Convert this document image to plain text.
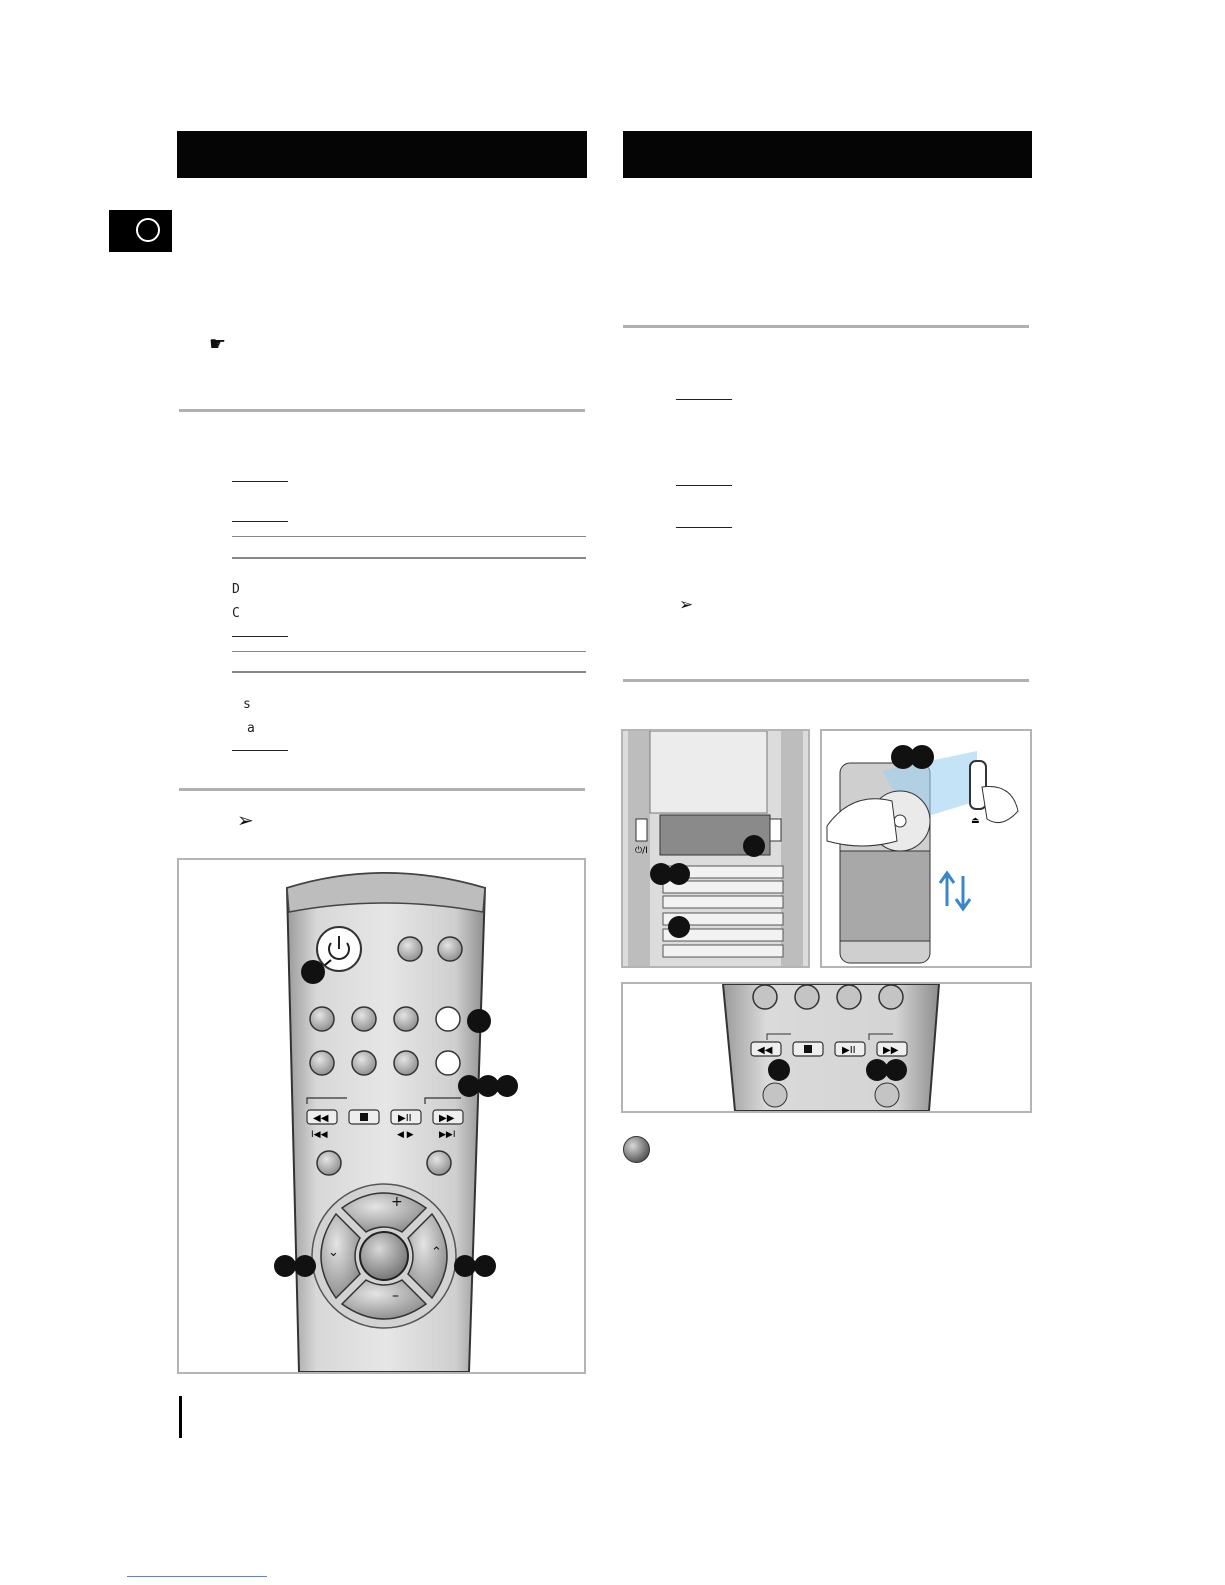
☛
D
C
s
a
➢
➢
◀◀	▶II	▶▶
I◀◀	◀ ▶	▶▶I
+
–
⌄	⌃
⏻/I
⏏
◀◀	▶II	▶▶
